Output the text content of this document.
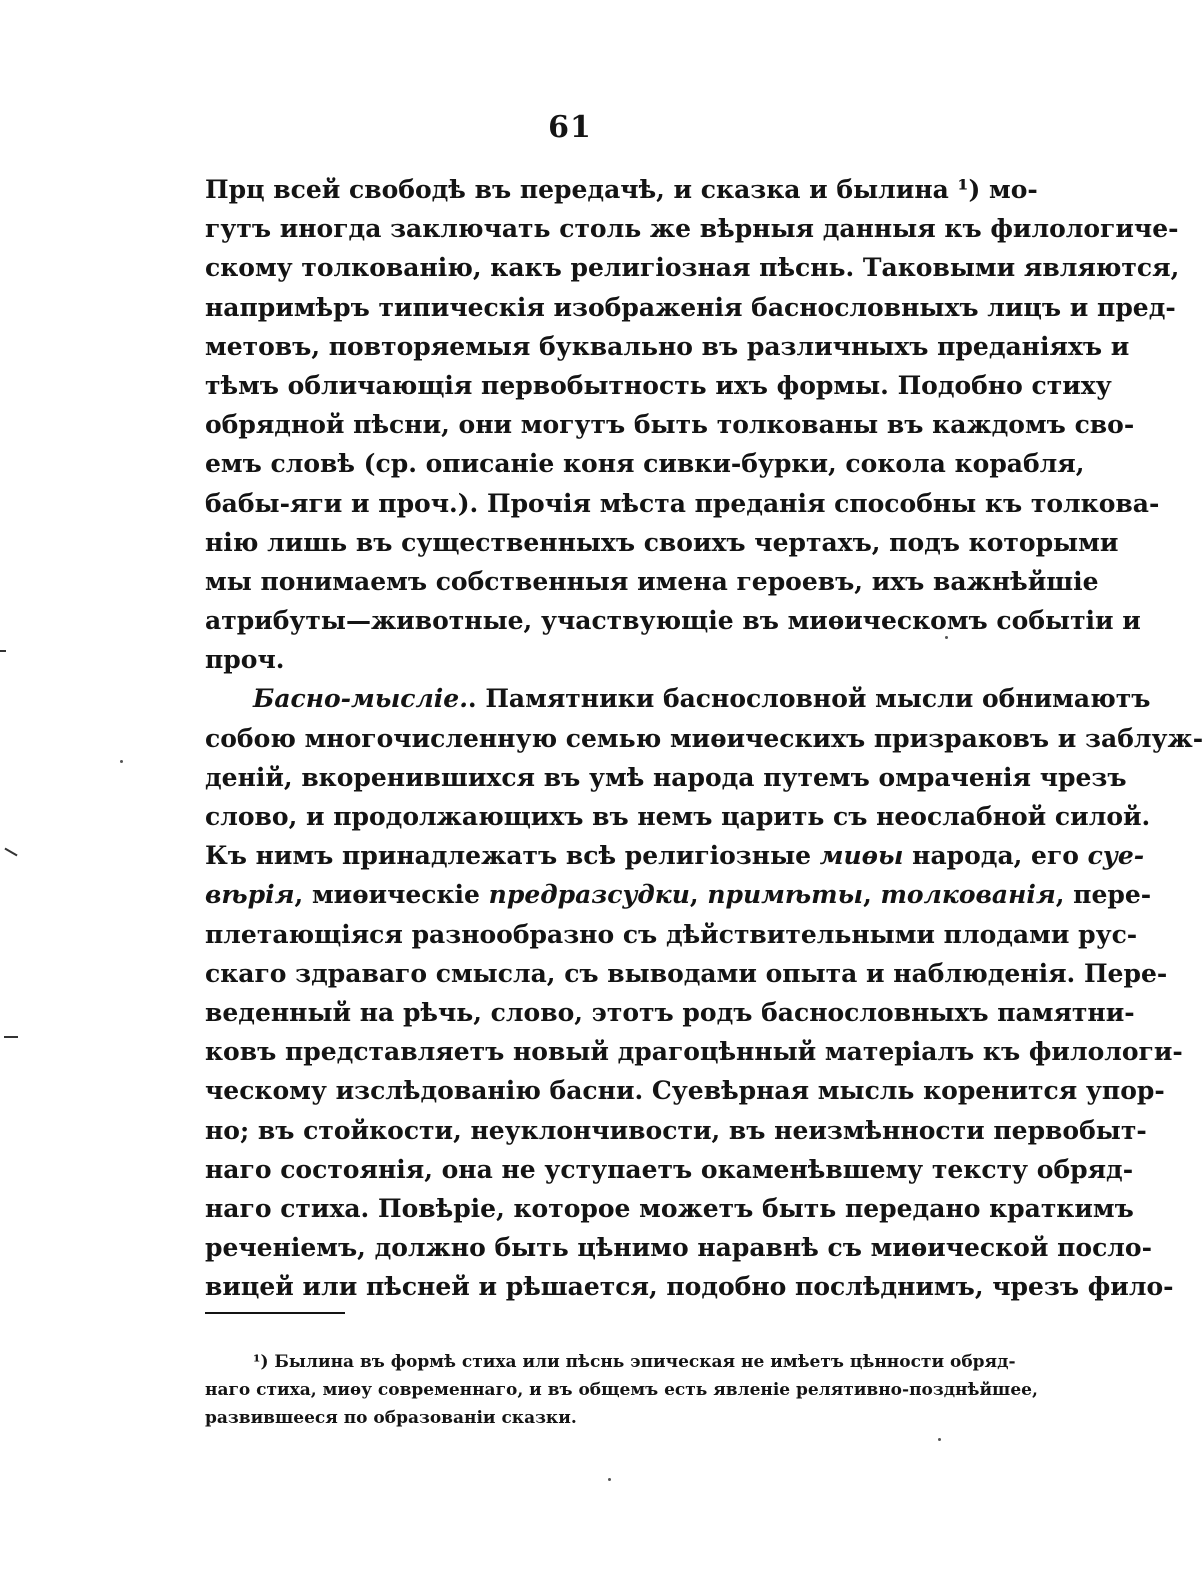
61
Прц всей свободѣ въ передачѣ, и сказка и былина ¹) мо-
гутъ иногда заключать столь же вѣрныя данныя къ филологиче-
скому толкованію, какъ религіозная пѣснь. Таковыми являются,
напримѣръ типическія изображенія баснословныхъ лицъ и пред-
метовъ, повторяемыя буквально въ различныхъ преданіяхъ и
тѣмъ обличающія первобытность ихъ формы. Подобно стиху
обрядной пѣсни, они могутъ быть толкованы въ каждомъ сво-
емъ словѣ (ср. описаніе коня сивки-бурки, сокола корабля,
бабы-яги и проч.). Прочія мѣста преданія способны къ толкова-
нію лишь въ существенныхъ своихъ чертахъ, подъ которыми
мы понимаемъ собственныя имена героевъ, ихъ важнѣйшіе
атрибуты—животные, участвующіе въ миѳическомъ событіи и
проч.
Басно-мысліе.. Памятники баснословной мысли обнимаютъ
собою многочисленную семью миѳическихъ призраковъ и заблуж-
деній, вкоренившихся въ умѣ народа путемъ омраченія чрезъ
слово, и продолжающихъ въ немъ царить съ неослабной силой.
Къ нимъ принадлежатъ всѣ религіозные миѳы народа, его суе-
вѣрія, миѳическіе предразсудки, примѣты, толкованія, пере-
плетающіяся разнообразно съ дѣйствительными плодами рус-
скаго здраваго смысла, съ выводами опыта и наблюденія. Пере-
веденный на рѣчь, слово, этотъ родъ баснословныхъ памятни-
ковъ представляетъ новый драгоцѣнный матеріалъ къ филологи-
ческому изслѣдованію басни. Суевѣрная мысль коренится упор-
но; въ стойкости, неуклончивости, въ неизмѣнности первобыт-
наго состоянія, она не уступаетъ окаменѣвшему тексту обряд-
наго стиха. Повѣріе, которое можетъ быть передано краткимъ
реченіемъ, должно быть цѣнимо наравнѣ съ миѳической посло-
вицей или пѣсней и рѣшается, подобно послѣднимъ, чрезъ фило-
¹) Былина въ формѣ стиха или пѣснь эпическая не имѣетъ цѣнности обряд-
наго стиха, миѳу современнаго, и въ общемъ есть явленіе релятивно-позднѣйшее,
развившееся по образованіи сказки.
